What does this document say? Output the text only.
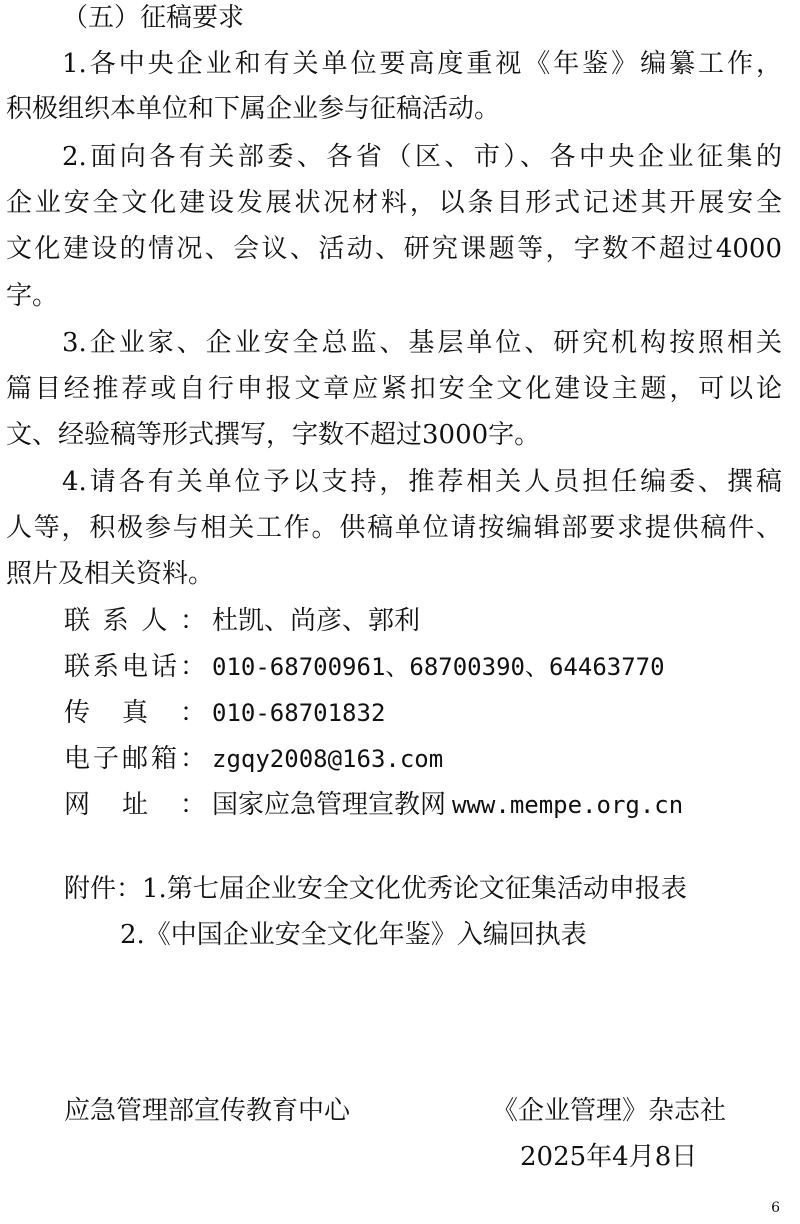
（五）征稿要求
1.各中央企业和有关单位要高度重视《年鉴》编纂工作，
积极组织本单位和下属企业参与征稿活动。
2.面向各有关部委、各省（区、市）、各中央企业征集的
企业安全文化建设发展状况材料，以条目形式记述其开展安全
文化建设的情况、会议、活动、研究课题等，字数不超过4000
字。
3.企业家、企业安全总监、基层单位、研究机构按照相关
篇目经推荐或自行申报文章应紧扣安全文化建设主题，可以论
文、经验稿等形式撰写，字数不超过3000字。
4.请各有关单位予以支持，推荐相关人员担任编委、撰稿
人等，积极参与相关工作。供稿单位请按编辑部要求提供稿件、
照片及相关资料。
联系人： 杜凯、尚彦、郭利
联系电话： 010-68700961、68700390、64463770
传真： 010-68701832
电子邮箱： zgqy2008@163.com
网址： 国家应急管理宣教网 www.mempe.org.cn
附件：1.第七届企业安全文化优秀论文征集活动申报表
2.《中国企业安全文化年鉴》入编回执表
应急管理部宣传教育中心	《企业管理》杂志社
2025年4月8日
6
